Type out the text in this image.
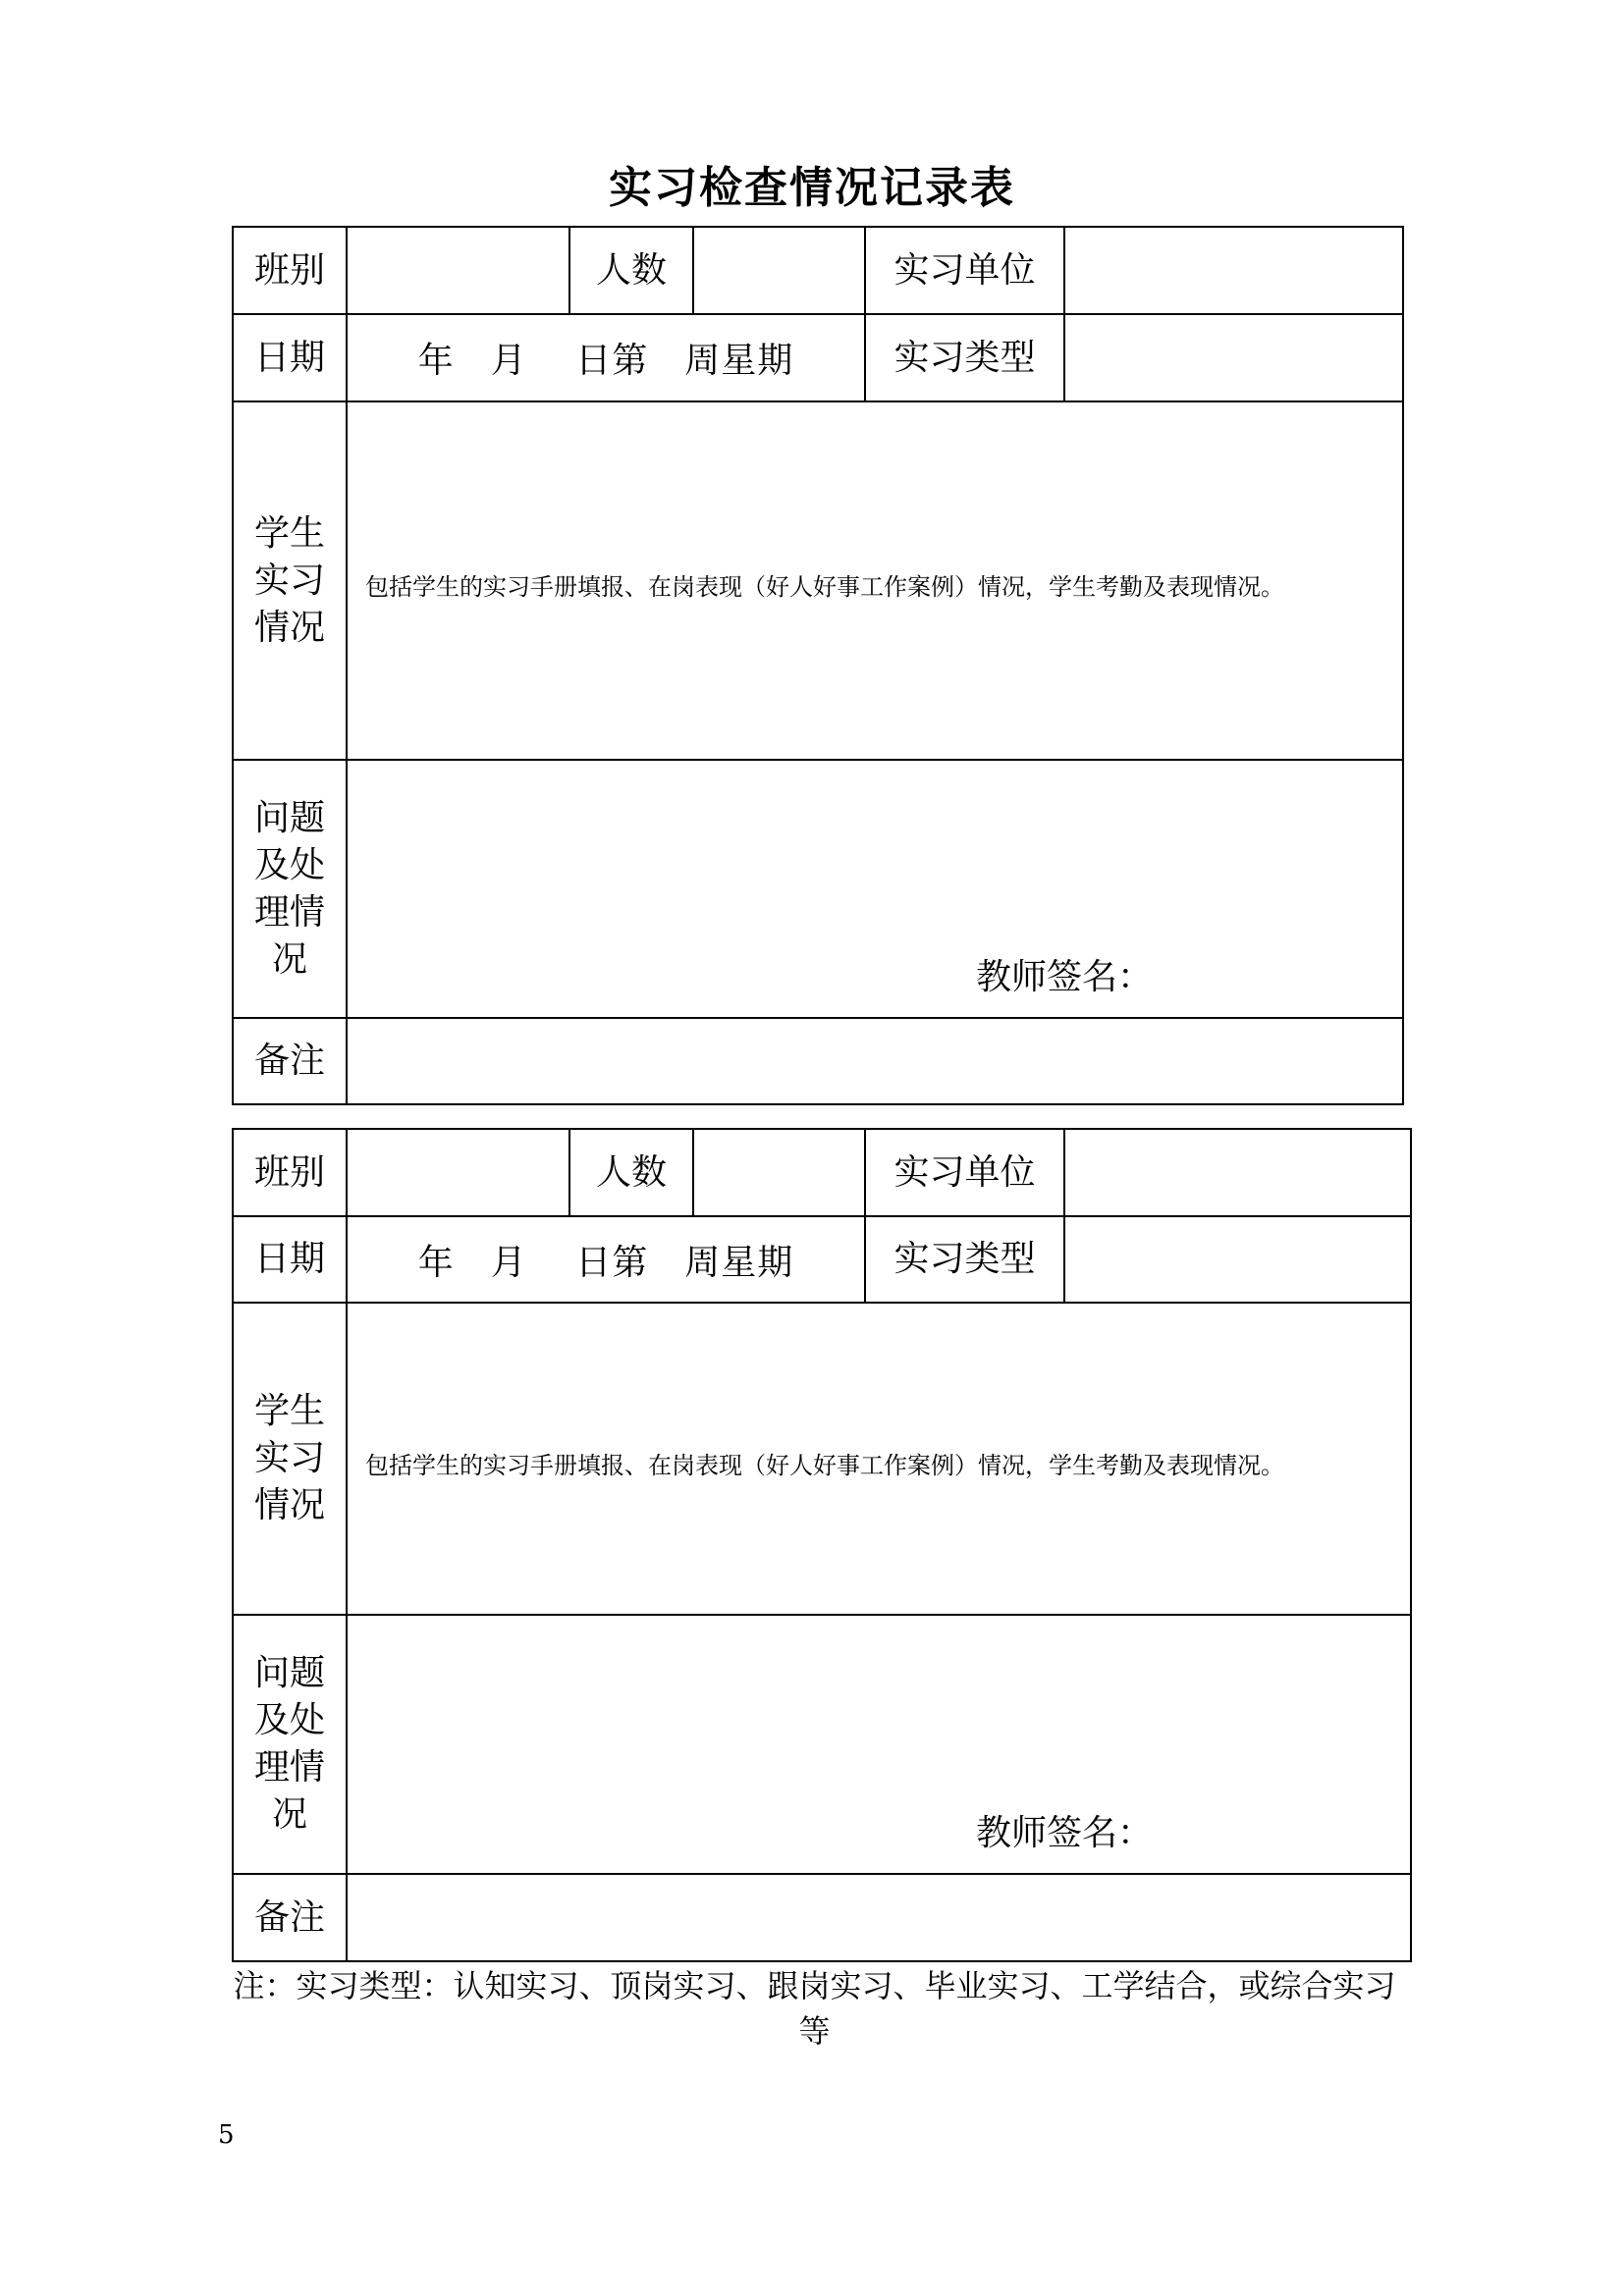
实习检查情况记录表
班别		人数		实习单位	
日期	年　月　 日第　周星期			实习类型	
学生
实习
情况	包括学生的实习手册填报、在岗表现（好人好事工作案例）情况，学生考勤及表现情况。				

问题
及处
理情
况	教师签名：				

备注					
班别		人数		实习单位	
日期	年　月　 日第　周星期			实习类型	
学生
实习
情况	包括学生的实习手册填报、在岗表现（好人好事工作案例）情况，学生考勤及表现情况。				

问题
及处
理情
况	教师签名：				

备注					
注：实习类型：认知实习、顶岗实习、跟岗实习、毕业实习、工学结合，或综合实习等
5
